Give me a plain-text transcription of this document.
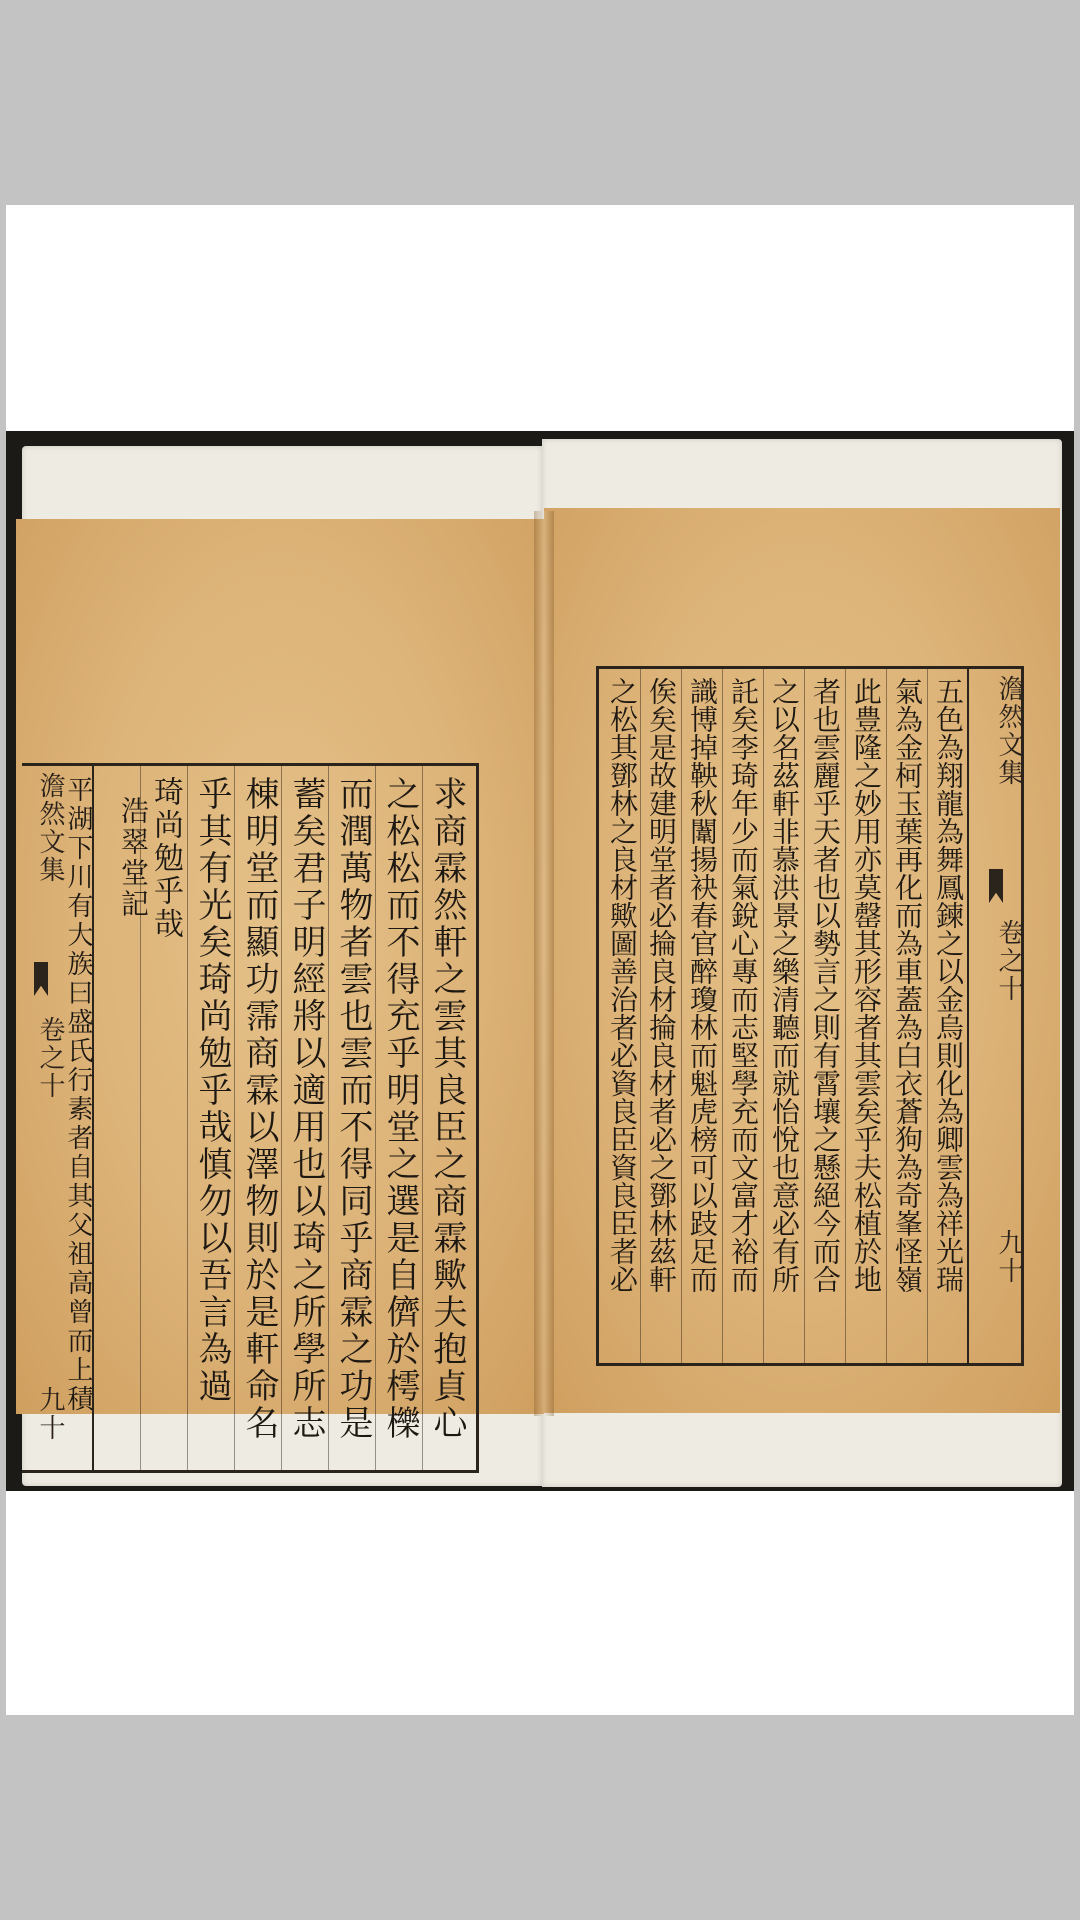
澹然文集
卷之十
九十	求商霖然軒之雲其良臣之商霖歟夫抱貞心
之松松而不得充乎明堂之選是自儕於樗櫟
而潤萬物者雲也雲而不得同乎商霖之功是
蓄矣君子明經將以適用也以琦之所學所志
棟明堂而顯功霈商霖以澤物則於是軒命名
乎其有光矣琦尚勉乎哉慎勿以吾言為過
琦尚勉乎哉
浩翠堂記
平湖下川有大族曰盛氏行素者自其父祖高曾而上積
澹然文集
卷之十
九十
五色為翔龍為舞鳳鍊之以金烏則化為卿雲為祥光瑞
氣為金柯玉葉再化而為車蓋為白衣蒼狗為奇峯怪嶺
此豊隆之妙用亦莫罄其形容者其雲矣乎夫松植於地
者也雲麗乎天者也以勢言之則有霄壤之懸絕今而合
之以名茲軒非慕洪景之樂清聽而就怡悅也意必有所
託矣李琦年少而氣銳心專而志堅學充而文富才裕而
識博掉鞅秋闈揚袂春官醉瓊林而魁虎榜可以跂足而
俟矣是故建明堂者必掄良材掄良材者必之鄧林茲軒
之松其鄧林之良材歟圖善治者必資良臣資良臣者必
